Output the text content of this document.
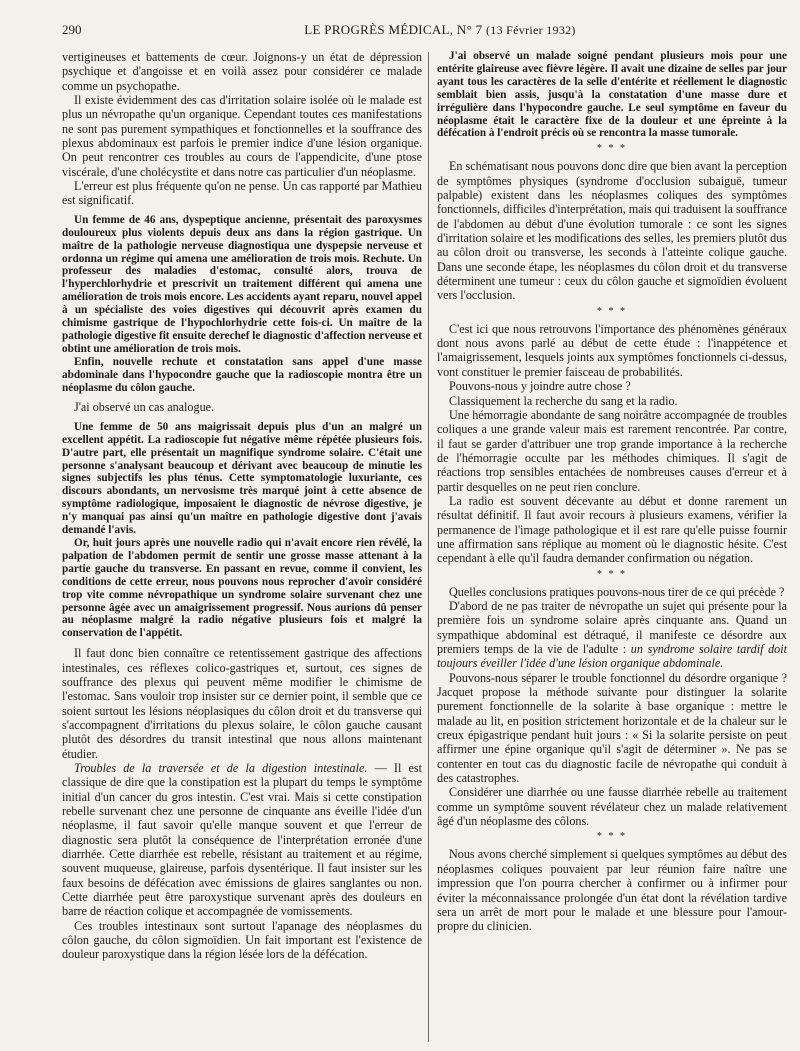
290	LE PROGRÈS MÉDICAL, N° 7 (13 Février 1932)

vertigineuses et battements de cœur. Joignons-y un état de dépression psychique et d'angoisse et en voilà assez pour considérer ce malade comme un psychopathe.

Il existe évidemment des cas d'irritation solaire isolée où le malade est plus un névropathe qu'un organique. Cependant toutes ces manifestations ne sont pas purement sympathiques et fonctionnelles et la souffrance des plexus abdominaux est parfois le premier indice d'une lésion organique. On peut rencontrer ces troubles au cours de l'appendicite, d'une ptose viscérale, d'une cholécystite et dans notre cas particulier d'un néoplasme.

L'erreur est plus fréquente qu'on ne pense. Un cas rapporté par Mathieu est significatif.

Un femme de 46 ans, dyspeptique ancienne, présentait des paroxysmes douloureux plus violents depuis deux ans dans la région gastrique. Un maître de la pathologie nerveuse diagnostiqua une dyspepsie nerveuse et ordonna un régime qui amena une amélioration de trois mois. Rechute. Un professeur des maladies d'estomac, consulté alors, trouva de l'hyperchlorhydrie et prescrivit un traitement différent qui amena une amélioration de trois mois encore. Les accidents ayant reparu, nouvel appel à un spécialiste des voies digestives qui découvrit après examen du chimisme gastrique de l'hypochlorhydrie cette fois-ci. Un maître de la pathologie digestive fit ensuite derechef le diagnostic d'affection nerveuse et obtint une amélioration de trois mois.

Enfin, nouvelle rechute et constatation sans appel d'une masse abdominale dans l'hypocondre gauche que la radioscopie montra être un néoplasme du côlon gauche.

J'ai observé un cas analogue.

Une femme de 50 ans maigrissait depuis plus d'un an malgré un excellent appétit. La radioscopie fut négative même répétée plusieurs fois. D'autre part, elle présentait un magnifique syndrome solaire. C'était une personne s'analysant beaucoup et dérivant avec beaucoup de minutie les signes subjectifs les plus ténus. Cette symptomatologie luxuriante, ces discours abondants, un nervosisme très marqué joint à cette absence de symptôme radiologique, imposaient le diagnostic de névrose digestive, je n'y manquai pas ainsi qu'un maître en pathologie digestive dont j'avais demandé l'avis.

Or, huit jours après une nouvelle radio qui n'avait encore rien révélé, la palpation de l'abdomen permit de sentir une grosse masse attenant à la partie gauche du transverse. En passant en revue, comme il convient, les conditions de cette erreur, nous pouvons nous reprocher d'avoir considéré trop vite comme névropathique un syndrome solaire survenant chez une personne âgée avec un amaigrissement progressif. Nous aurions dû penser au néoplasme malgré la radio négative plusieurs fois et malgré la conservation de l'appétit.

Il faut donc bien connaître ce retentissement gastrique des affections intestinales, ces réflexes colico-gastriques et, surtout, ces signes de souffrance des plexus qui peuvent même modifier le chimisme de l'estomac. Sans vouloir trop insister sur ce dernier point, il semble que ce soient surtout les lésions néoplasiques du côlon droit et du transverse qui s'accompagnent d'irritations du plexus solaire, le côlon gauche causant plutôt des désordres du transit intestinal que nous allons maintenant étudier.

Troubles de la traversée et de la digestion intestinale. — Il est classique de dire que la constipation est la plupart du temps le symptôme initial d'un cancer du gros intestin. C'est vrai. Mais si cette constipation rebelle survenant chez une personne de cinquante ans éveille l'idée d'un néoplasme, il faut savoir qu'elle manque souvent et que l'erreur de diagnostic sera plutôt la conséquence de l'interprétation erronée d'une diarrhée. Cette diarrhée est rebelle, résistant au traitement et au régime, souvent muqueuse, glaireuse, parfois dysentérique. Il faut insister sur les faux besoins de défécation avec émissions de glaires sanglantes ou non. Cette diarrhée peut être paroxystique survenant après des douleurs en barre de réaction colique et accompagnée de vomissements.

Ces troubles intestinaux sont surtout l'apanage des néoplasmes du côlon gauche, du côlon sigmoïdien. Un fait important est l'existence de douleur paroxystique dans la région lésée lors de la défécation.

J'ai observé un malade soigné pendant plusieurs mois pour une entérite glaireuse avec fièvre légère. Il avait une dizaine de selles par jour ayant tous les caractères de la selle d'entérite et réellement le diagnostic semblait bien assis, jusqu'à la constatation d'une masse dure et irrégulière dans l'hypocondre gauche. Le seul symptôme en faveur du néoplasme était le caractère fixe de la douleur et une épreinte à la défécation à l'endroit précis où se rencontra la masse tumorale.

* * *

En schématisant nous pouvons donc dire que bien avant la perception de symptômes physiques (syndrome d'occlusion subaiguë, tumeur palpable) existent dans les néoplasmes coliques des symptômes fonctionnels, difficiles d'interprétation, mais qui traduisent la souffrance de l'abdomen au début d'une évolution tumorale : ce sont les signes d'irritation solaire et les modifications des selles, les premiers plutôt dus au côlon droit ou transverse, les seconds à l'atteinte colique gauche. Dans une seconde étape, les néoplasmes du côlon droit et du transverse déterminent une tumeur : ceux du côlon gauche et sigmoïdien évoluent vers l'occlusion.

* * *

C'est ici que nous retrouvons l'importance des phénomènes généraux dont nous avons parlé au début de cette étude : l'inappétence et l'amaigrissement, lesquels joints aux symptômes fonctionnels ci-dessus, vont constituer le premier faisceau de probabilités.

Pouvons-nous y joindre autre chose ?

Classiquement la recherche du sang et la radio.

Une hémorragie abondante de sang noirâtre accompagnée de troubles coliques a une grande valeur mais est rarement rencontrée. Par contre, il faut se garder d'attribuer une trop grande importance à la recherche de l'hémorragie occulte par les méthodes chimiques. Il s'agit de réactions trop sensibles entachées de nombreuses causes d'erreur et à partir desquelles on ne peut rien conclure.

La radio est souvent décevante au début et donne rarement un résultat définitif. Il faut avoir recours à plusieurs examens, vérifier la permanence de l'image pathologique et il est rare qu'elle puisse fournir une affirmation sans réplique au moment où le diagnostic hésite. C'est cependant à elle qu'il faudra demander confirmation ou négation.

* * *

Quelles conclusions pratiques pouvons-nous tirer de ce qui précède ?

D'abord de ne pas traiter de névropathe un sujet qui présente pour la première fois un syndrome solaire après cinquante ans. Quand un sympathique abdominal est détraqué, il manifeste ce désordre aux premiers temps de la vie de l'adulte : un syndrome solaire tardif doit toujours éveiller l'idée d'une lésion organique abdominale.

Pouvons-nous séparer le trouble fonctionnel du désordre organique ? Jacquet propose la méthode suivante pour distinguer la solarite purement fonctionnelle de la solarite à base organique : mettre le malade au lit, en position strictement horizontale et de la chaleur sur le creux épigastrique pendant huit jours : « Si la solarite persiste on peut affirmer une épine organique qu'il s'agit de déterminer ». Ne pas se contenter en tout cas du diagnostic facile de névropathe qui conduit à des catastrophes.

Considérer une diarrhée ou une fausse diarrhée rebelle au traitement comme un symptôme souvent révélateur chez un malade relativement âgé d'un néoplasme des côlons.

* * *

Nous avons cherché simplement si quelques symptômes au début des néoplasmes coliques pouvaient par leur réunion faire naître une impression que l'on pourra chercher à confirmer ou à infirmer pour éviter la méconnaissance prolongée d'un état dont la révélation tardive sera un arrêt de mort pour le malade et une blessure pour l'amour-propre du clinicien.
